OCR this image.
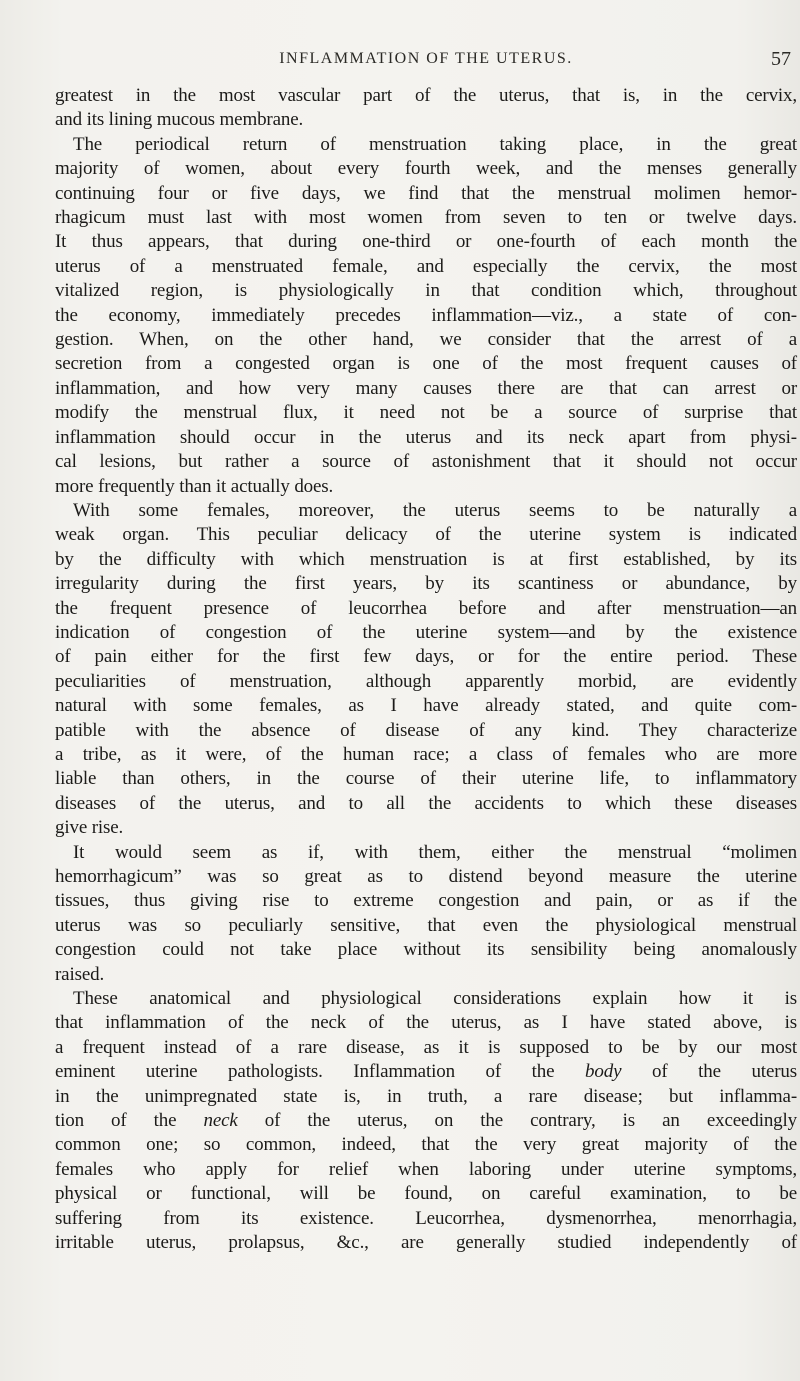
INFLAMMATION OF THE UTERUS.	57
greatest in the most vascular part of the uterus, that is, in the cervix,
and its lining mucous membrane.
The periodical return of menstruation taking place, in the great
majority of women, about every fourth week, and the menses generally
continuing four or five days, we find that the menstrual molimen hemor-
rhagicum must last with most women from seven to ten or twelve days.
It thus appears, that during one-third or one-fourth of each month the
uterus of a menstruated female, and especially the cervix, the most
vitalized region, is physiologically in that condition which, throughout
the economy, immediately precedes inflammation—viz., a state of con-
gestion. When, on the other hand, we consider that the arrest of a
secretion from a congested organ is one of the most frequent causes of
inflammation, and how very many causes there are that can arrest or
modify the menstrual flux, it need not be a source of surprise that
inflammation should occur in the uterus and its neck apart from physi-
cal lesions, but rather a source of astonishment that it should not occur
more frequently than it actually does.
With some females, moreover, the uterus seems to be naturally a
weak organ. This peculiar delicacy of the uterine system is indicated
by the difficulty with which menstruation is at first established, by its
irregularity during the first years, by its scantiness or abundance, by
the frequent presence of leucorrhea before and after menstruation—an
indication of congestion of the uterine system—and by the existence
of pain either for the first few days, or for the entire period. These
peculiarities of menstruation, although apparently morbid, are evidently
natural with some females, as I have already stated, and quite com-
patible with the absence of disease of any kind. They characterize
a tribe, as it were, of the human race; a class of females who are more
liable than others, in the course of their uterine life, to inflammatory
diseases of the uterus, and to all the accidents to which these diseases
give rise.
It would seem as if, with them, either the menstrual “molimen
hemorrhagicum” was so great as to distend beyond measure the uterine
tissues, thus giving rise to extreme congestion and pain, or as if the
uterus was so peculiarly sensitive, that even the physiological menstrual
congestion could not take place without its sensibility being anomalously
raised.
These anatomical and physiological considerations explain how it is
that inflammation of the neck of the uterus, as I have stated above, is
a frequent instead of a rare disease, as it is supposed to be by our most
eminent uterine pathologists. Inflammation of the body of the uterus
in the unimpregnated state is, in truth, a rare disease; but inflamma-
tion of the neck of the uterus, on the contrary, is an exceedingly
common one; so common, indeed, that the very great majority of the
females who apply for relief when laboring under uterine symptoms,
physical or functional, will be found, on careful examination, to be
suffering from its existence. Leucorrhea, dysmenorrhea, menorrhagia,
irritable uterus, prolapsus, &c., are generally studied independently of
